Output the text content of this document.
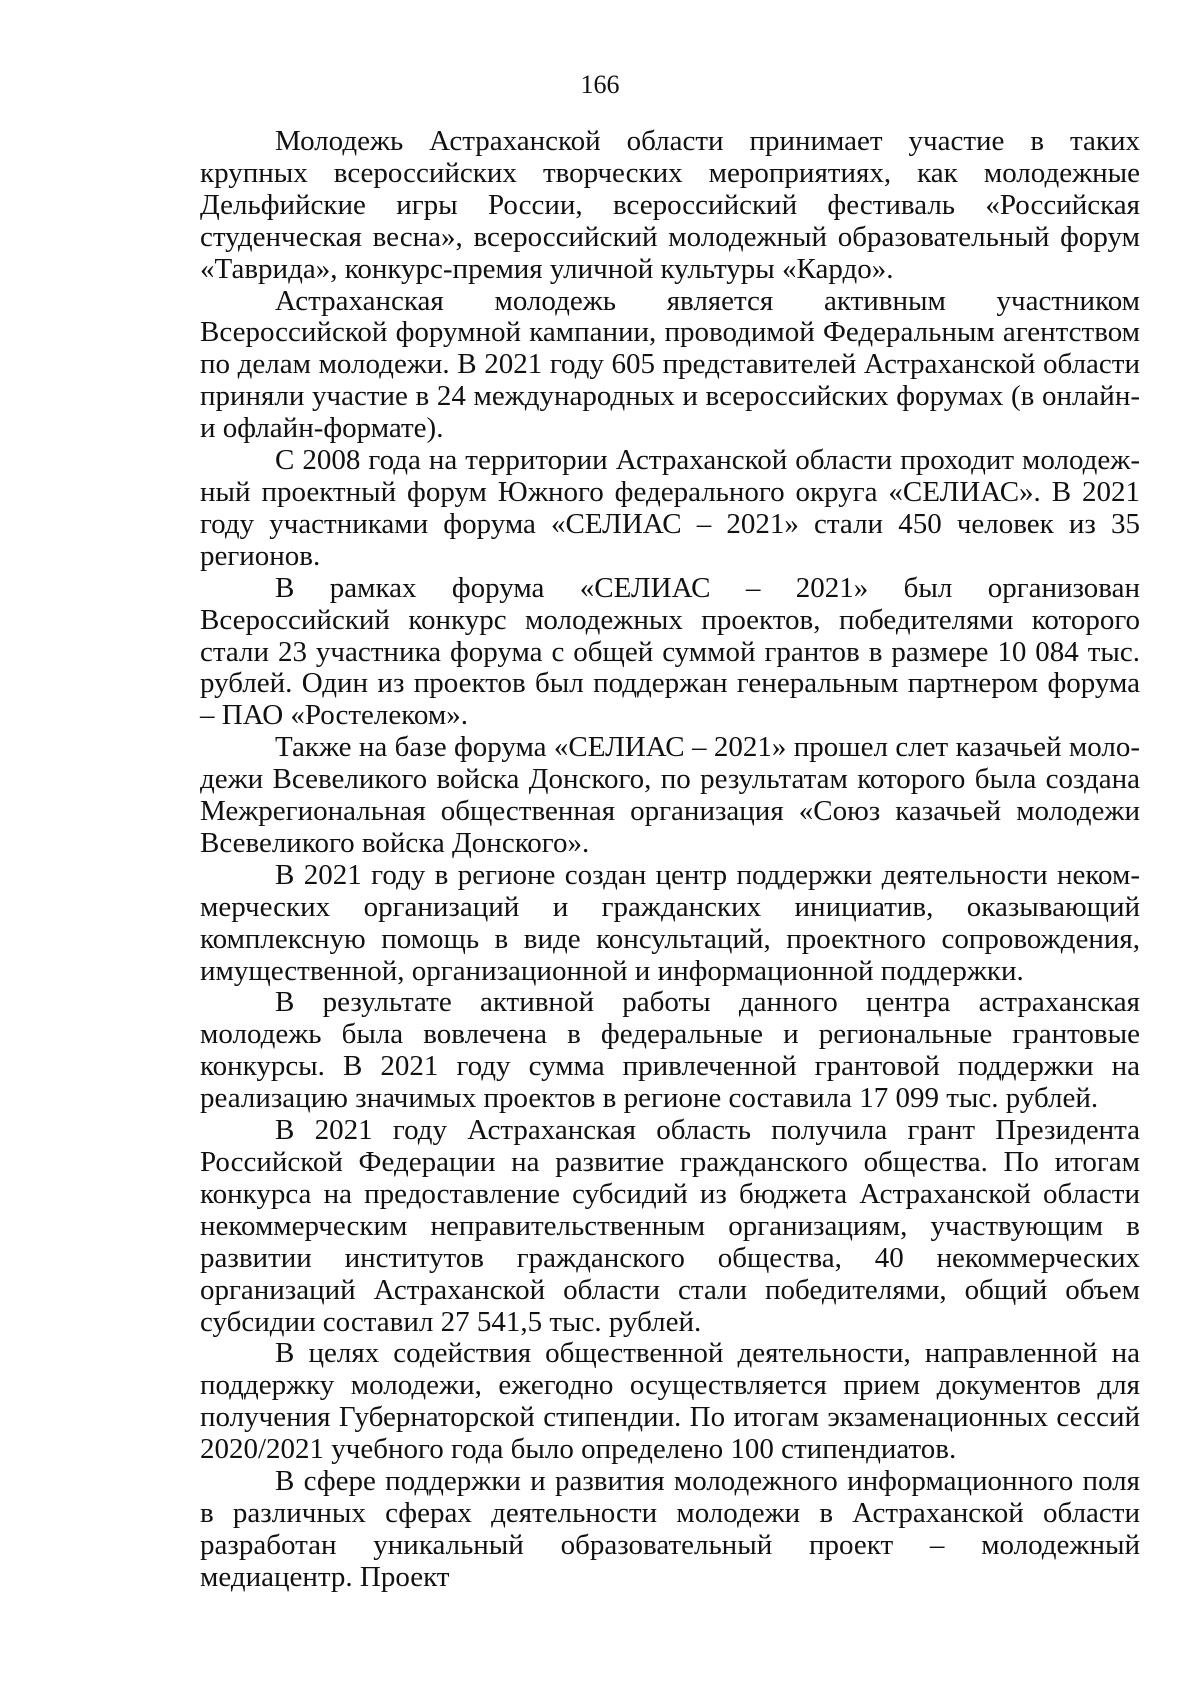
166

Молодежь Астраханской области принимает участие в таких крупных всероссийских творческих мероприятиях, как молодежные Дельфийские игры России, всероссийский фестиваль «Российская студенческая весна», всероссийский молодежный образовательный форум «Таврида», конкурс-премия уличной культуры «Кардо».

Астраханская молодежь является активным участником Всероссийской форумной кампании, проводимой Федеральным агентством по делам молодежи. В 2021 году 605 представителей Астраханской области приняли участие в 24 международных и всероссийских форумах (в онлайн- и офлайн-формате).

С 2008 года на территории Астраханской области проходит молодежный проектный форум Южного федерального округа «СЕЛИАС». В 2021 году участниками форума «СЕЛИАС – 2021» стали 450 человек из 35 регионов.

В рамках форума «СЕЛИАС – 2021» был организован Всероссийский конкурс молодежных проектов, победителями которого стали 23 участника форума с общей суммой грантов в размере 10 084 тыс. рублей. Один из проектов был поддержан генеральным партнером форума – ПАО «Ростелеком».

Также на базе форума «СЕЛИАС – 2021» прошел слет казачьей молодежи Всевеликого войска Донского, по результатам которого была создана Межрегиональная общественная организация «Союз казачьей молодежи Всевеликого войска Донского».

В 2021 году в регионе создан центр поддержки деятельности некоммерческих организаций и гражданских инициатив, оказывающий комплексную помощь в виде консультаций, проектного сопровождения, имущественной, организационной и информационной поддержки.

В результате активной работы данного центра астраханская молодежь была вовлечена в федеральные и региональные грантовые конкурсы. В 2021 году сумма привлеченной грантовой поддержки на реализацию значимых проектов в регионе составила 17 099 тыс. рублей.

В 2021 году Астраханская область получила грант Президента Российской Федерации на развитие гражданского общества. По итогам конкурса на предоставление субсидий из бюджета Астраханской области некоммерческим неправительственным организациям, участвующим в развитии институтов гражданского общества, 40 некоммерческих организаций Астраханской области стали победителями, общий объем субсидии составил 27 541,5 тыс. рублей.

В целях содействия общественной деятельности, направленной на поддержку молодежи, ежегодно осуществляется прием документов для получения Губернаторской стипендии. По итогам экзаменационных сессий 2020/2021 учебного года было определено 100 стипендиатов.

В сфере поддержки и развития молодежного информационного поля в различных сферах деятельности молодежи в Астраханской области разработан уникальный образовательный проект – молодежный медиацентр. Проект
